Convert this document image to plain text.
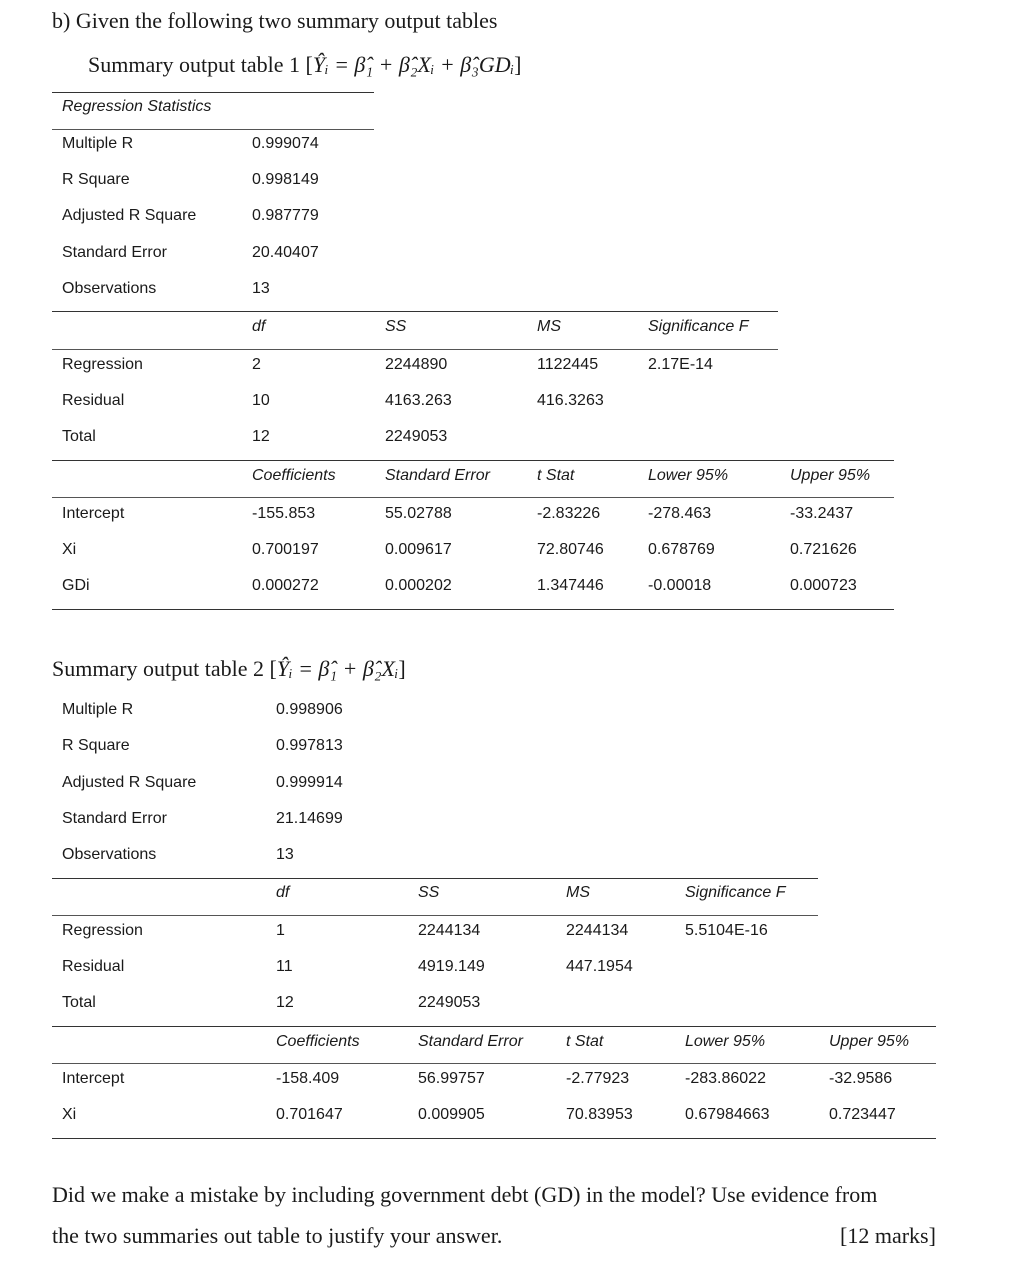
b) Given the following two summary output tables
Summary output table 1 [Ŷᵢ = β̂₁ + β̂₂Xᵢ + β̂₃GDᵢ]
Regression Statistics
Multiple R	0.999074
R Square	0.998149
Adjusted R Square	0.987779
Standard Error	20.40407
Observations	13
df	SS	MS	Significance F
Regression	2	2244890	1122445	2.17E-14
Residual	10	4163.263	416.3263
Total	12	2249053
Coefficients	Standard Error	t Stat	Lower 95%	Upper 95%
Intercept	-155.853	55.02788	-2.83226	-278.463	-33.2437
Xi	0.700197	0.009617	72.80746	0.678769	0.721626
GDi	0.000272	0.000202	1.347446	-0.00018	0.000723
Summary output table 2 [Ŷᵢ = β̂₁ + β̂₂Xᵢ]
Multiple R	0.998906
R Square	0.997813
Adjusted R Square	0.999914
Standard Error	21.14699
Observations	13
df	SS	MS	Significance F
Regression	1	2244134	2244134	5.5104E-16
Residual	11	4919.149	447.1954
Total	12	2249053
Coefficients	Standard Error	t Stat	Lower 95%	Upper 95%
Intercept	-158.409	56.99757	-2.77923	-283.86022	-32.9586
Xi	0.701647	0.009905	70.83953	0.67984663	0.723447
Did we make a mistake by including government debt (GD) in the model? Use evidence from
the two summaries out table to justify your answer.	[12 marks]
